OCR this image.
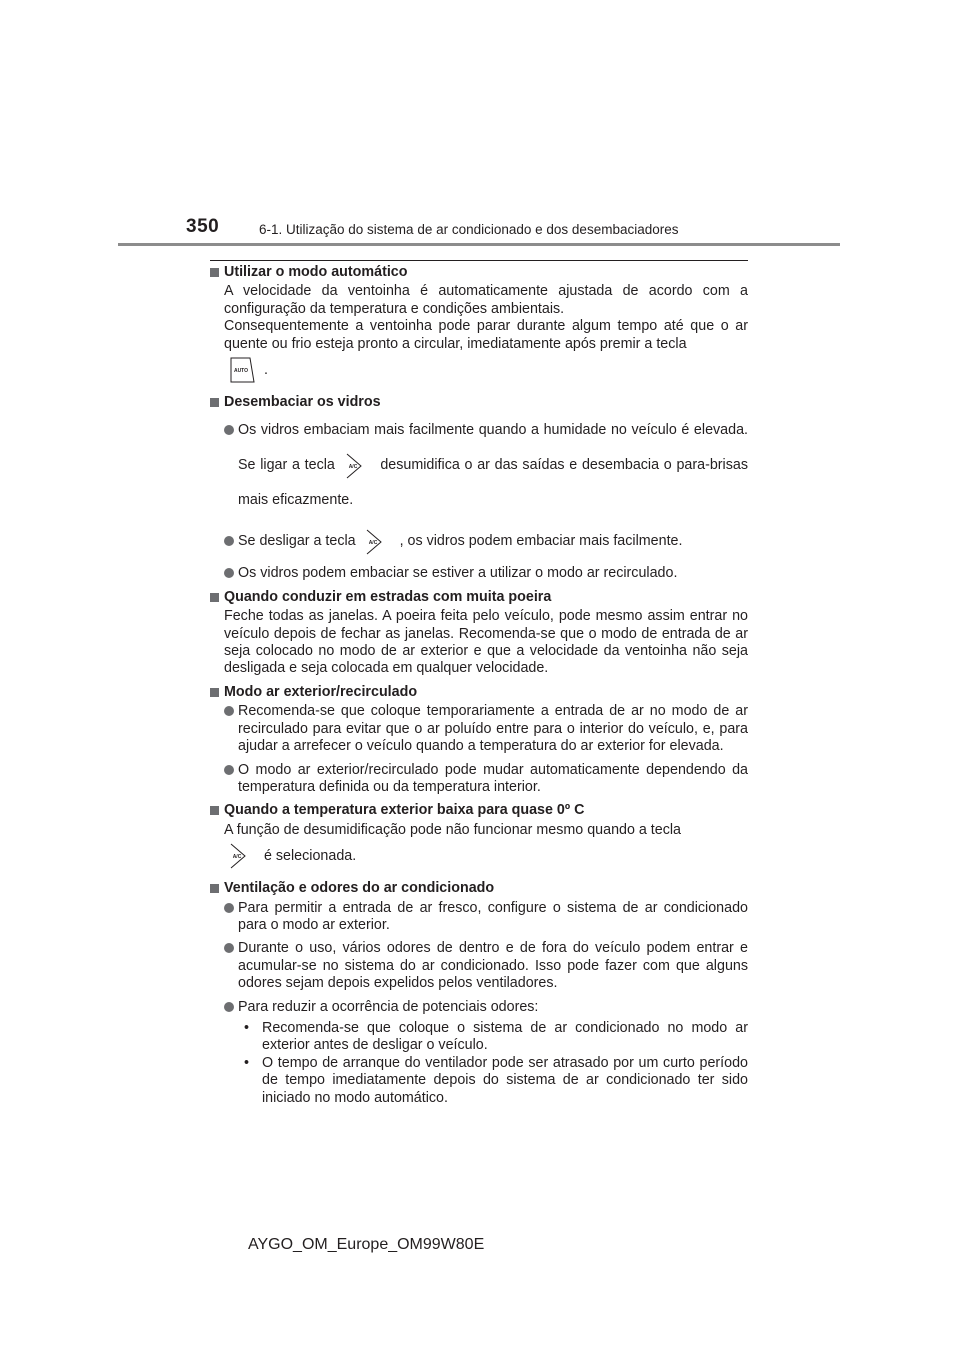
350	6-1. Utilização do sistema de ar condicionado e dos desembaciadores
Utilizar o modo automático

A velocidade da ventoinha é automaticamente ajustada de acordo com a configuração da temperatura e condições ambientais.

Consequentemente a ventoinha pode parar durante algum tempo até que o ar quente ou frio esteja pronto a circular, imediatamente após premir a tecla

AUTO .

Desembaciar os vidros
Os vidros embaciam mais facilmente quando a humidade no veículo é elevada. Se ligar a tecla	A/C desumidifica o ar das saídas e desembacia o para-brisas mais eficazmente.
Se desligar a tecla	A/C , os vidros podem embaciar mais facilmente.
Os vidros podem embaciar se estiver a utilizar o modo ar recirculado.
Quando conduzir em estradas com muita poeira

Feche todas as janelas. A poeira feita pelo veículo, pode mesmo assim entrar no veículo depois de fechar as janelas. Recomenda-se que o modo de entrada de ar seja colocado no modo de ar exterior e que a velocidade da ventoinha não seja desligada e seja colocada em qualquer velocidade.

Modo ar exterior/recirculado
Recomenda-se que coloque temporariamente a entrada de ar no modo de ar recirculado para evitar que o ar poluído entre para o interior do veículo, e, para ajudar a arrefecer o veículo quando a temperatura do ar exterior for elevada.
O modo ar exterior/recirculado pode mudar automaticamente dependendo da temperatura definida ou da temperatura interior.
Quando a temperatura exterior baixa para quase 0º C

A função de desumidificação pode não funcionar mesmo quando a tecla

A/C é selecionada.

Ventilação e odores do ar condicionado
Para permitir a entrada de ar fresco, configure o sistema de ar condicionado para o modo ar exterior.
Durante o uso, vários odores de dentro e de fora do veículo podem entrar e acumular-se no sistema do ar condicionado. Isso pode fazer com que alguns odores sejam depois expelidos pelos ventiladores.
Para reduzir a ocorrência de potenciais odores:
• Recomenda-se que coloque o sistema de ar condicionado no modo ar exterior antes de desligar o veículo.
• O tempo de arranque do ventilador pode ser atrasado por um curto período de tempo imediatamente depois do sistema de ar condicionado ter sido iniciado no modo automático.
AYGO_OM_Europe_OM99W80E
